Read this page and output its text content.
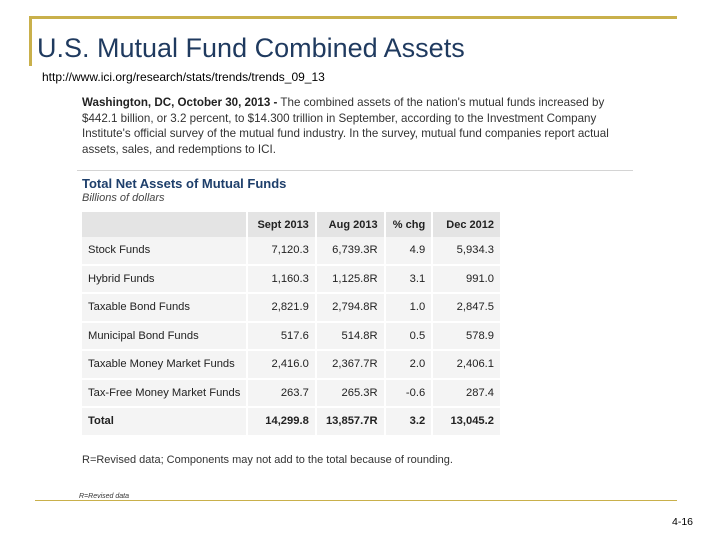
U.S. Mutual Fund Combined Assets
http://www.ici.org/research/stats/trends/trends_09_13
Washington, DC, October 30, 2013 - The combined assets of the nation's mutual funds increased by $442.1 billion, or 3.2 percent, to $14.300 trillion in September, according to the Investment Company Institute's official survey of the mutual fund industry. In the survey, mutual fund companies report actual assets, sales, and redemptions to ICI.
Total Net Assets of Mutual Funds
Billions of dollars
	Sept 2013	Aug 2013	% chg	Dec 2012
Stock Funds	7,120.3	6,739.3R	4.9	5,934.3
Hybrid Funds	1,160.3	1,125.8R	3.1	991.0
Taxable Bond Funds	2,821.9	2,794.8R	1.0	2,847.5
Municipal Bond Funds	517.6	514.8R	0.5	578.9
Taxable Money Market Funds	2,416.0	2,367.7R	2.0	2,406.1
Tax-Free Money Market Funds	263.7	265.3R	-0.6	287.4
Total	14,299.8	13,857.7R	3.2	13,045.2
R=Revised data; Components may not add to the total because of rounding.
R=Revised data
4-16
